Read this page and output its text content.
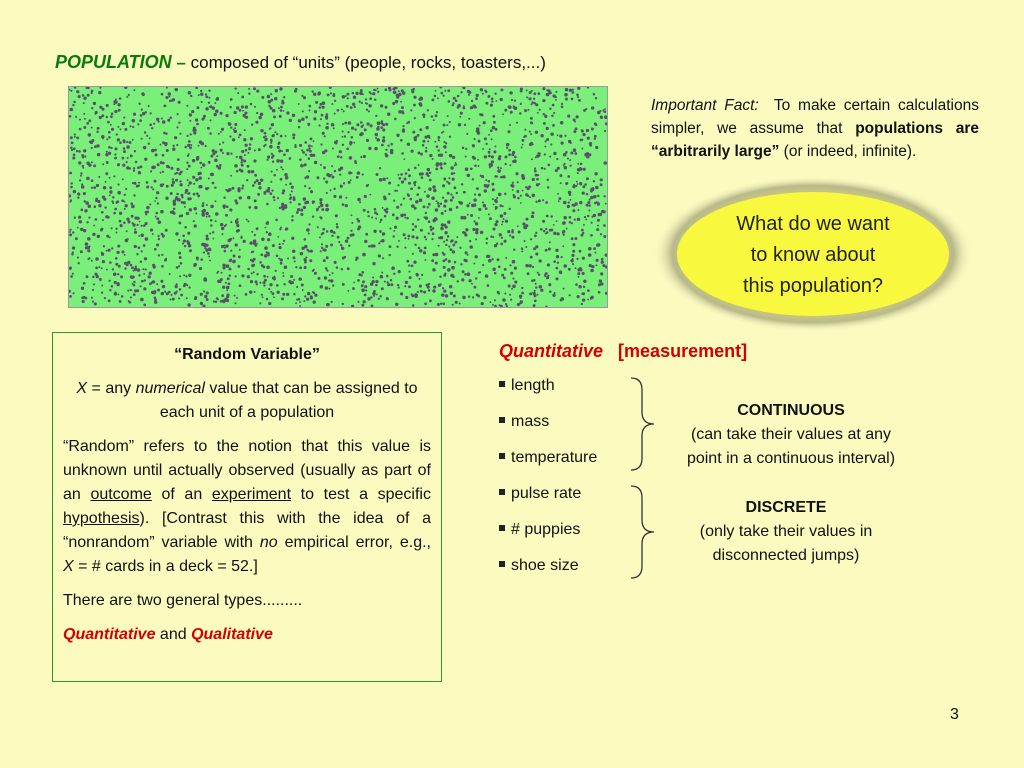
POPULATION – composed of “units” (people, rocks, toasters,...)
Important Fact: To make certain calculations simpler, we assume that populations are “arbitrarily large” (or indeed, infinite).
What do we want
to know about
this population?

“Random Variable”

X = any numerical value that can be assigned to each unit of a population

“Random” refers to the notion that this value is unknown until actually observed (usually as part of an outcome of an experiment to test a specific hypothesis). [Contrast this with the idea of a “nonrandom” variable with no empirical error, e.g., X = # cards in a deck = 52.]

There are two general types.........

Quantitative and Qualitative

Quantitative [measurement]
length
mass
temperature
pulse rate
# puppies
shoe size
CONTINUOUS
(can take their values at any
point in a continuous interval)
DISCRETE
(only take their values in
disconnected jumps)
3
